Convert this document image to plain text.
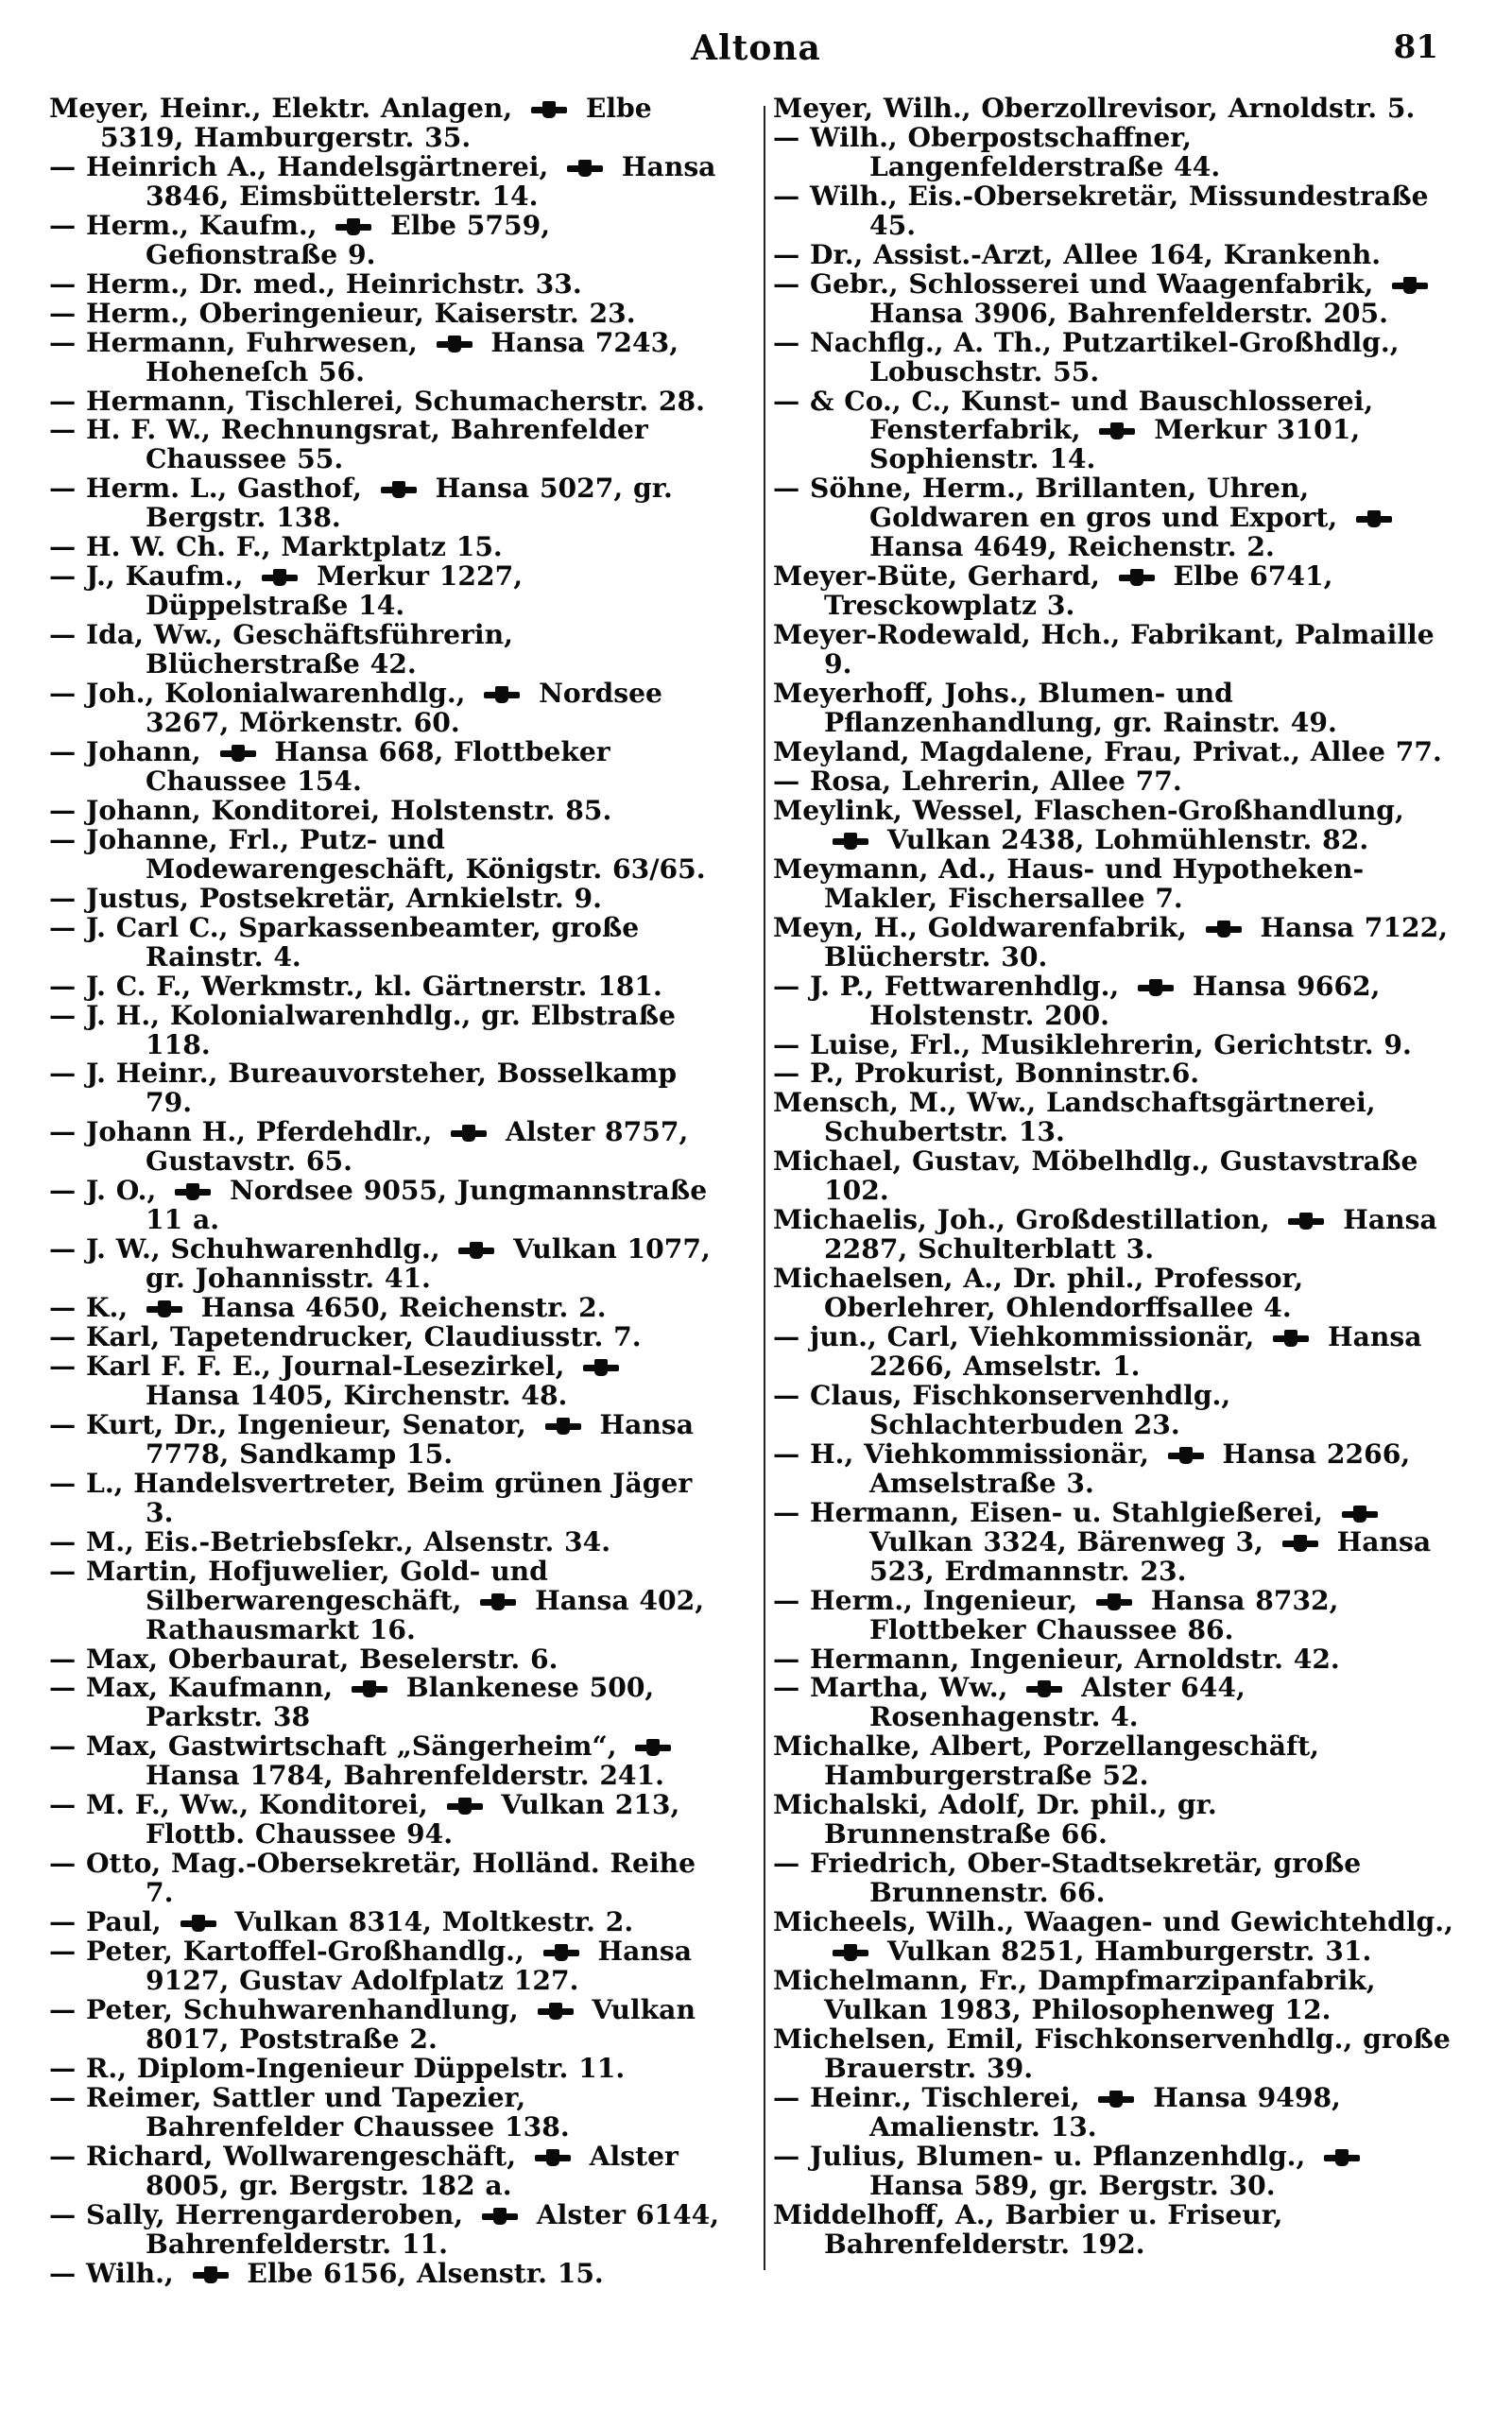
Altona	81
Meyer, Heinr., Elektr. Anlagen,  Elbe 5319, Hamburgerstr. 35.
— Heinrich A., Handelsgärtnerei,  Hansa 3846, Eimsbüttelerstr. 14.
— Herm., Kaufm.,  Elbe 5759, Gefionstraße 9.
— Herm., Dr. med., Heinrichstr. 33.
— Herm., Oberingenieur, Kaiserstr. 23.
— Hermann, Fuhrwesen,  Hansa 7243, Hoheneſch 56.
— Hermann, Tischlerei, Schumacherstr. 28.
— H. F. W., Rechnungsrat, Bahrenfelder Chaussee 55.
— Herm. L., Gasthof,  Hansa 5027, gr. Bergstr. 138.
— H. W. Ch. F., Marktplatz 15.
— J., Kaufm.,  Merkur 1227, Düppelstraße 14.
— Ida, Ww., Geschäftsführerin, Blücherstraße 42.
— Joh., Kolonialwarenhdlg.,  Nordsee 3267, Mörkenstr. 60.
— Johann,  Hansa 668, Flottbeker Chaussee 154.
— Johann, Konditorei, Holstenstr. 85.
— Johanne, Frl., Putz- und Modewarengeschäft, Königstr. 63/65.
— Justus, Postsekretär, Arnkielstr. 9.
— J. Carl C., Sparkassenbeamter, große Rainstr. 4.
— J. C. F., Werkmstr., kl. Gärtnerstr. 181.
— J. H., Kolonialwarenhdlg., gr. Elbstraße 118.
— J. Heinr., Bureauvorsteher, Bosselkamp 79.
— Johann H., Pferdehdlr.,  Alster 8757, Gustavstr. 65.
— J. O.,  Nordsee 9055, Jungmannstraße 11 a.
— J. W., Schuhwarenhdlg.,  Vulkan 1077, gr. Johannisstr. 41.
— K.,  Hansa 4650, Reichenstr. 2.
— Karl, Tapetendrucker, Claudiusstr. 7.
— Karl F. F. E., Journal-Lesezirkel,  Hansa 1405, Kirchenstr. 48.
— Kurt, Dr., Ingenieur, Senator,  Hansa 7778, Sandkamp 15.
— L., Handelsvertreter, Beim grünen Jäger 3.
— M., Eis.-Betriebsſekr., Alsenstr. 34.
— Martin, Hofjuwelier, Gold- und Silberwarengeschäft,  Hansa 402, Rathausmarkt 16.
— Max, Oberbaurat, Beselerstr. 6.
— Max, Kaufmann,  Blankenese 500, Parkstr. 38
— Max, Gastwirtschaft „Sängerheim“,  Hansa 1784, Bahrenfelderstr. 241.
— M. F., Ww., Konditorei,  Vulkan 213, Flottb. Chaussee 94.
— Otto, Mag.-Obersekretär, Holländ. Reihe 7.
— Paul,  Vulkan 8314, Moltkestr. 2.
— Peter, Kartoffel-Großhandlg.,  Hansa 9127, Gustav Adolfplatz 127.
— Peter, Schuhwarenhandlung,  Vulkan 8017, Poststraße 2.
— R., Diplom-Ingenieur Düppelstr. 11.
— Reimer, Sattler und Tapezier, Bahrenfelder Chaussee 138.
— Richard, Wollwarengeschäft,  Alster 8005, gr. Bergstr. 182 a.
— Sally, Herrengarderoben,  Alster 6144, Bahrenfelderstr. 11.
— Wilh.,  Elbe 6156, Alsenstr. 15.
Meyer, Wilh., Oberzollrevisor, Arnoldstr. 5.
— Wilh., Oberpostschaffner, Langenfelderstraße 44.
— Wilh., Eis.-Obersekretär, Missundestraße 45.
— Dr., Assist.-Arzt, Allee 164, Krankenh.
— Gebr., Schlosserei und Waagenfabrik,  Hansa 3906, Bahrenfelderstr. 205.
— Nachflg., A. Th., Putzartikel-Großhdlg., Lobuschstr. 55.
— & Co., C., Kunst- und Bauschlosserei, Fensterfabrik,  Merkur 3101, Sophienstr. 14.
— Söhne, Herm., Brillanten, Uhren, Goldwaren en gros und Export,  Hansa 4649, Reichenstr. 2.
Meyer-Büte, Gerhard,  Elbe 6741, Tresckowplatz 3.
Meyer-Rodewald, Hch., Fabrikant, Palmaille 9.
Meyerhoff, Johs., Blumen- und Pflanzenhandlung, gr. Rainstr. 49.
Meyland, Magdalene, Frau, Privat., Allee 77.
— Rosa, Lehrerin, Allee 77.
Meylink, Wessel, Flaschen-Großhandlung,  Vulkan 2438, Lohmühlenstr. 82.
Meymann, Ad., Haus- und Hypotheken-Makler, Fischersallee 7.
Meyn, H., Goldwarenfabrik,  Hansa 7122, Blücherstr. 30.
— J. P., Fettwarenhdlg.,  Hansa 9662, Holstenstr. 200.
— Luise, Frl., Musiklehrerin, Gerichtstr. 9.
— P., Prokurist, Bonninstr.6.
Mensch, M., Ww., Landschaftsgärtnerei, Schubertstr. 13.
Michael, Gustav, Möbelhdlg., Gustavstraße 102.
Michaelis, Joh., Großdestillation,  Hansa 2287, Schulterblatt 3.
Michaelsen, A., Dr. phil., Professor, Oberlehrer, Ohlendorffsallee 4.
— jun., Carl, Viehkommissionär,  Hansa 2266, Amselstr. 1.
— Claus, Fischkonservenhdlg., Schlachterbuden 23.
— H., Viehkommissionär,  Hansa 2266, Amselstraße 3.
— Hermann, Eisen- u. Stahlgießerei,  Vulkan 3324, Bärenweg 3,  Hansa 523, Erdmannstr. 23.
— Herm., Ingenieur,  Hansa 8732, Flottbeker Chaussee 86.
— Hermann, Ingenieur, Arnoldstr. 42.
— Martha, Ww.,  Alster 644, Rosenhagenstr. 4.
Michalke, Albert, Porzellangeschäft, Hamburgerstraße 52.
Michalski, Adolf, Dr. phil., gr. Brunnenstraße 66.
— Friedrich, Ober-Stadtsekretär, große Brunnenstr. 66.
Micheels, Wilh., Waagen- und Gewichtehdlg.,  Vulkan 8251, Hamburgerstr. 31.
Michelmann, Fr., Dampfmarzipanfabrik, Vulkan 1983, Philosophenweg 12.
Michelsen, Emil, Fischkonservenhdlg., große Brauerstr. 39.
— Heinr., Tischlerei,  Hansa 9498, Amalienstr. 13.
— Julius, Blumen- u. Pflanzenhdlg.,  Hansa 589, gr. Bergstr. 30.
Middelhoff, A., Barbier u. Friseur, Bahrenfelderstr. 192.
